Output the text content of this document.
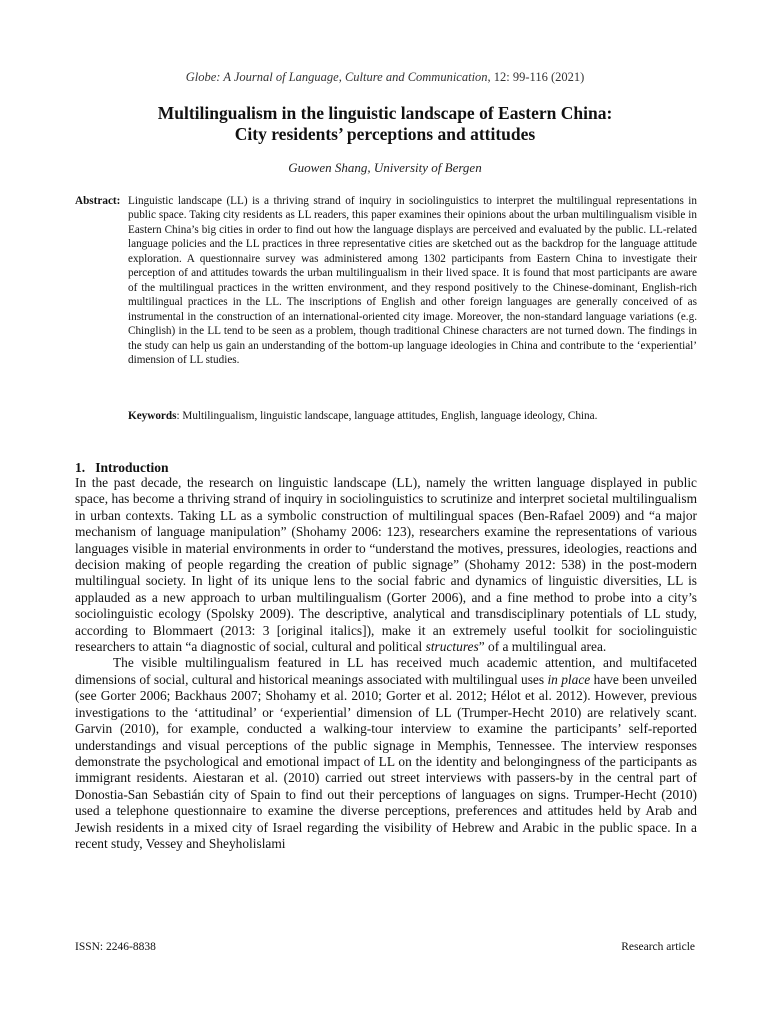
Globe: A Journal of Language, Culture and Communication, 12: 99-116 (2021)
Multilingualism in the linguistic landscape of Eastern China:
City residents’ perceptions and attitudes
Guowen Shang, University of Bergen
Abstract: Linguistic landscape (LL) is a thriving strand of inquiry in sociolinguistics to interpret the multilingual representations in public space. Taking city residents as LL readers, this paper examines their opinions about the urban multilingualism visible in Eastern China’s big cities in order to find out how the language displays are perceived and evaluated by the public. LL-related language policies and the LL practices in three representative cities are sketched out as the backdrop for the language attitude exploration. A questionnaire survey was administered among 1302 participants from Eastern China to investigate their perception of and attitudes towards the urban multilingualism in their lived space. It is found that most participants are aware of the multilingual practices in the written environment, and they respond positively to the Chinese-dominant, English-rich multilingual practices in the LL. The inscriptions of English and other foreign languages are generally conceived of as instrumental in the construction of an international-oriented city image. Moreover, the non-standard language variations (e.g. Chinglish) in the LL tend to be seen as a problem, though traditional Chinese characters are not turned down. The findings in the study can help us gain an understanding of the bottom-up language ideologies in China and contribute to the ‘experiential’ dimension of LL studies.
Keywords: Multilingualism, linguistic landscape, language attitudes, English, language ideology, China.
1. Introduction

In the past decade, the research on linguistic landscape (LL), namely the written language displayed in public space, has become a thriving strand of inquiry in sociolinguistics to scrutinize and interpret societal multilingualism in urban contexts. Taking LL as a symbolic construction of multilingual spaces (Ben-Rafael 2009) and “a major mechanism of language manipulation” (Shohamy 2006: 123), researchers examine the representations of various languages visible in material environments in order to “understand the motives, pressures, ideologies, reactions and decision making of people regarding the creation of public signage” (Shohamy 2012: 538) in the post-modern multilingual society. In light of its unique lens to the social fabric and dynamics of linguistic diversities, LL is applauded as a new approach to urban multilingualism (Gorter 2006), and a fine method to probe into a city’s sociolinguistic ecology (Spolsky 2009). The descriptive, analytical and transdisciplinary potentials of LL study, according to Blommaert (2013: 3 [original italics]), make it an extremely useful toolkit for sociolinguistic researchers to attain “a diagnostic of social, cultural and political structures” of a multilingual area.

The visible multilingualism featured in LL has received much academic attention, and multifaceted dimensions of social, cultural and historical meanings associated with multilingual uses in place have been unveiled (see Gorter 2006; Backhaus 2007; Shohamy et al. 2010; Gorter et al. 2012; Hélot et al. 2012). However, previous investigations to the ‘attitudinal’ or ‘experiential’ dimension of LL (Trumper-Hecht 2010) are relatively scant. Garvin (2010), for example, conducted a walking-tour interview to examine the participants’ self-reported understandings and visual perceptions of the public signage in Memphis, Tennessee. The interview responses demonstrate the psychological and emotional impact of LL on the identity and belongingness of the participants as immigrant residents. Aiestaran et al. (2010) carried out street interviews with passers-by in the central part of Donostia-San Sebastián city of Spain to find out their perceptions of languages on signs. Trumper-Hecht (2010) used a telephone questionnaire to examine the diverse perceptions, preferences and attitudes held by Arab and Jewish residents in a mixed city of Israel regarding the visibility of Hebrew and Arabic in the public space. In a recent study, Vessey and Sheyholislami

ISSN: 2246-8838	Research article
